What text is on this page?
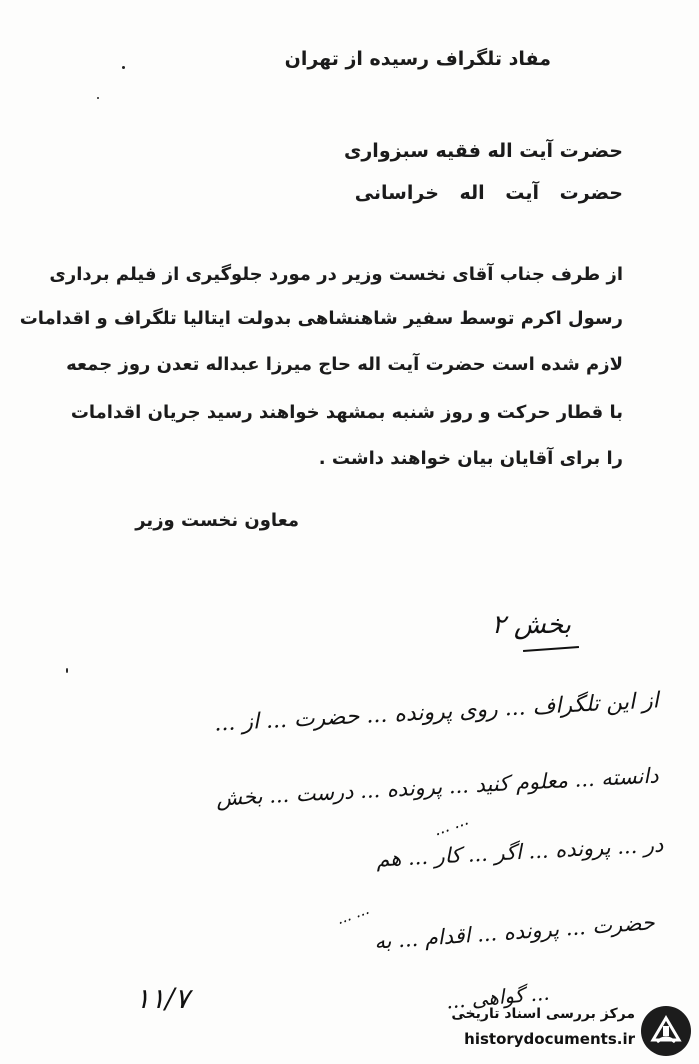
مفاد تلگراف رسیده از تهران
حضرت آیت اله فقیه سبزواری
حضرت آیت اله خراسانی
از طرف جناب آقای نخست وزیر در مورد جلوگیری از فیلم برداری
رسول اکرم توسط سفیر شاهنشاهی بدولت ایتالیا تلگراف و اقدامات
لازم شده است حضرت آیت اله حاج میرزا عبداله تعدن روز جمعه
با قطار حرکت و روز شنبه بمشهد خواهند رسید جریان اقدامات
را برای آقایان بیان خواهند داشت .
معاون نخست وزیر
بخش ۲
از این تلگراف ... روی پرونده ... حضرت ... از ...
دانسته ... معلوم کنید ... پرونده ... درست ... بخش
... ...
در ... پرونده ... اگر ... کار ... هم
... ... حضرت ... پرونده ... اقدام ... به
... گواهی ...
۱۱/۷	مرکز بررسی اسناد تاریخی
historydocuments.ir
